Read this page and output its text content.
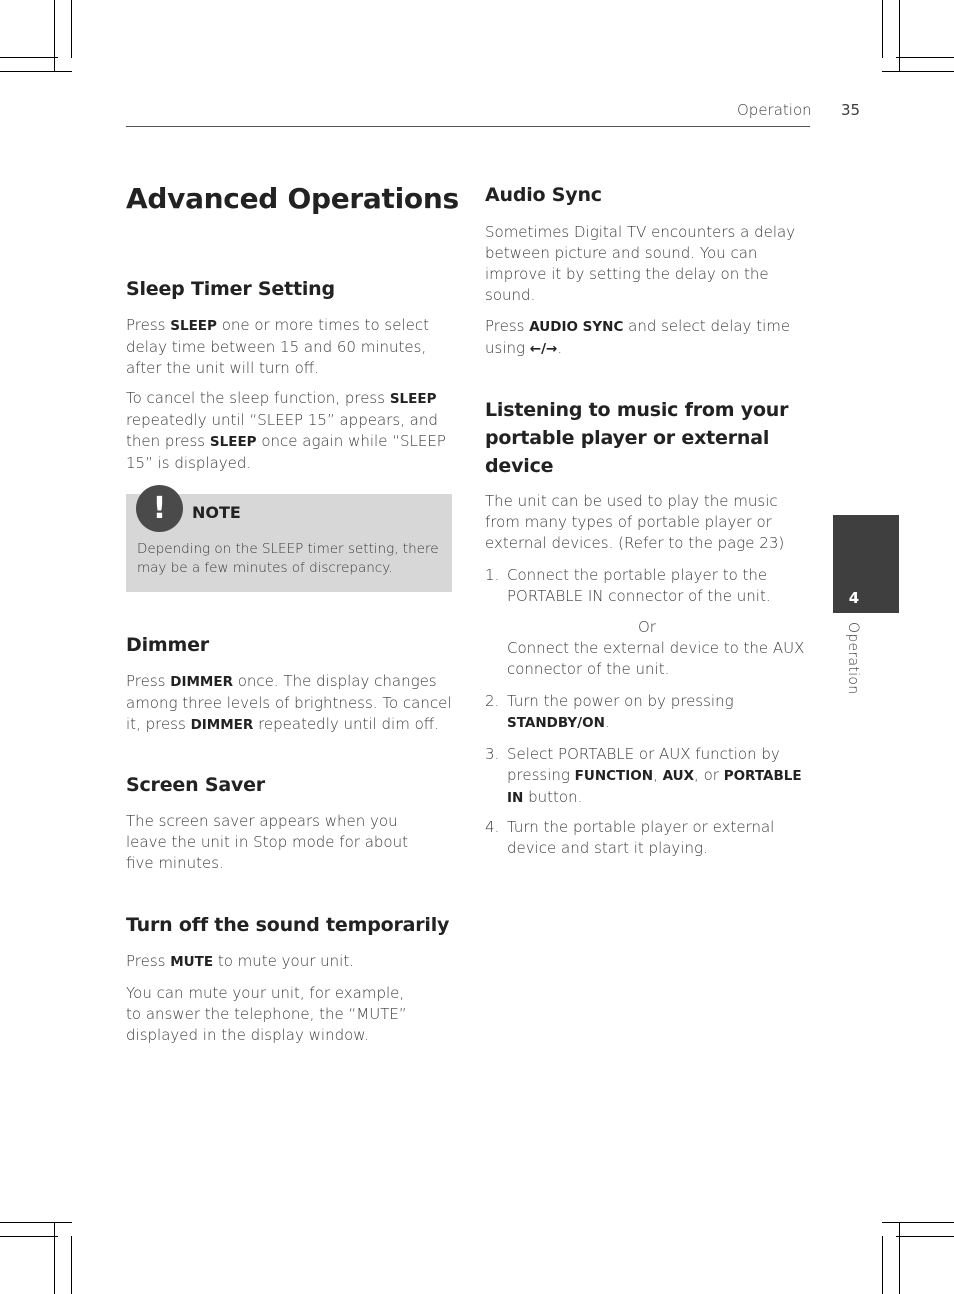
Operation 35
4
Operation
Advanced Operations
Sleep Timer Setting

Press SLEEP one or more times to select delay time between 15 and 60 minutes, after the unit will turn off.

To cancel the sleep function, press SLEEP repeatedly until “SLEEP 15” appears, and then press SLEEP once again while “SLEEP 15” is displayed.

!	NOTE
Depending on the SLEEP timer setting, there may be a few minutes of discrepancy.
Dimmer

Press DIMMER once. The display changes among three levels of brightness. To cancel it, press DIMMER repeatedly until dim off.

Screen Saver

The screen saver appears when you leave the unit in Stop mode for about five minutes.

Turn off the sound temporarily

Press MUTE to mute your unit.

You can mute your unit, for example, to answer the telephone, the “MUTE” displayed in the display window.

Audio Sync

Sometimes Digital TV encounters a delay between picture and sound. You can improve it by setting the delay on the sound.

Press AUDIO SYNC and select delay time using ←/→.

Listening to music from your portable player or external device

The unit can be used to play the music from many types of portable player or external devices. (Refer to the page 23)

1. Connect the portable player to the PORTABLE IN connector of the unit.
Or
Connect the external device to the AUX connector of the unit.
2. Turn the power on by pressing STANDBY/ON.
3. Select PORTABLE or AUX function by pressing FUNCTION, AUX, or PORTABLE IN button.
4. Turn the portable player or external device and start it playing.
